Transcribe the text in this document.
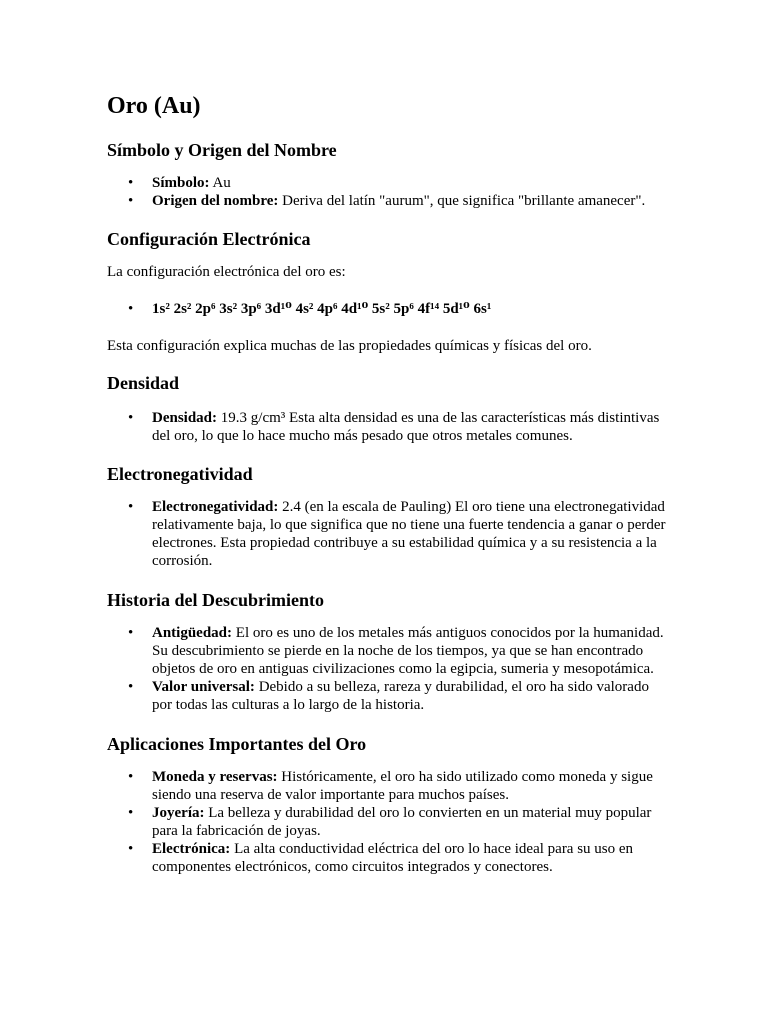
Oro (Au)
Símbolo y Origen del Nombre
• Símbolo: Au
• Origen del nombre: Deriva del latín "aurum", que significa "brillante amanecer".
Configuración Electrónica

La configuración electrónica del oro es:

• 1s² 2s² 2p⁶ 3s² 3p⁶ 3d¹⁰ 4s² 4p⁶ 4d¹⁰ 5s² 5p⁶ 4f¹⁴ 5d¹⁰ 6s¹

Esta configuración explica muchas de las propiedades químicas y físicas del oro.

Densidad
• Densidad: 19.3 g/cm³ Esta alta densidad es una de las características más distintivas del oro, lo que lo hace mucho más pesado que otros metales comunes.
Electronegatividad
• Electronegatividad: 2.4 (en la escala de Pauling) El oro tiene una electronegatividad relativamente baja, lo que significa que no tiene una fuerte tendencia a ganar o perder electrones. Esta propiedad contribuye a su estabilidad química y a su resistencia a la corrosión.
Historia del Descubrimiento
• Antigüedad: El oro es uno de los metales más antiguos conocidos por la humanidad. Su descubrimiento se pierde en la noche de los tiempos, ya que se han encontrado objetos de oro en antiguas civilizaciones como la egipcia, sumeria y mesopotámica.
• Valor universal: Debido a su belleza, rareza y durabilidad, el oro ha sido valorado por todas las culturas a lo largo de la historia.
Aplicaciones Importantes del Oro
• Moneda y reservas: Históricamente, el oro ha sido utilizado como moneda y sigue siendo una reserva de valor importante para muchos países.
• Joyería: La belleza y durabilidad del oro lo convierten en un material muy popular para la fabricación de joyas.
• Electrónica: La alta conductividad eléctrica del oro lo hace ideal para su uso en componentes electrónicos, como circuitos integrados y conectores.
